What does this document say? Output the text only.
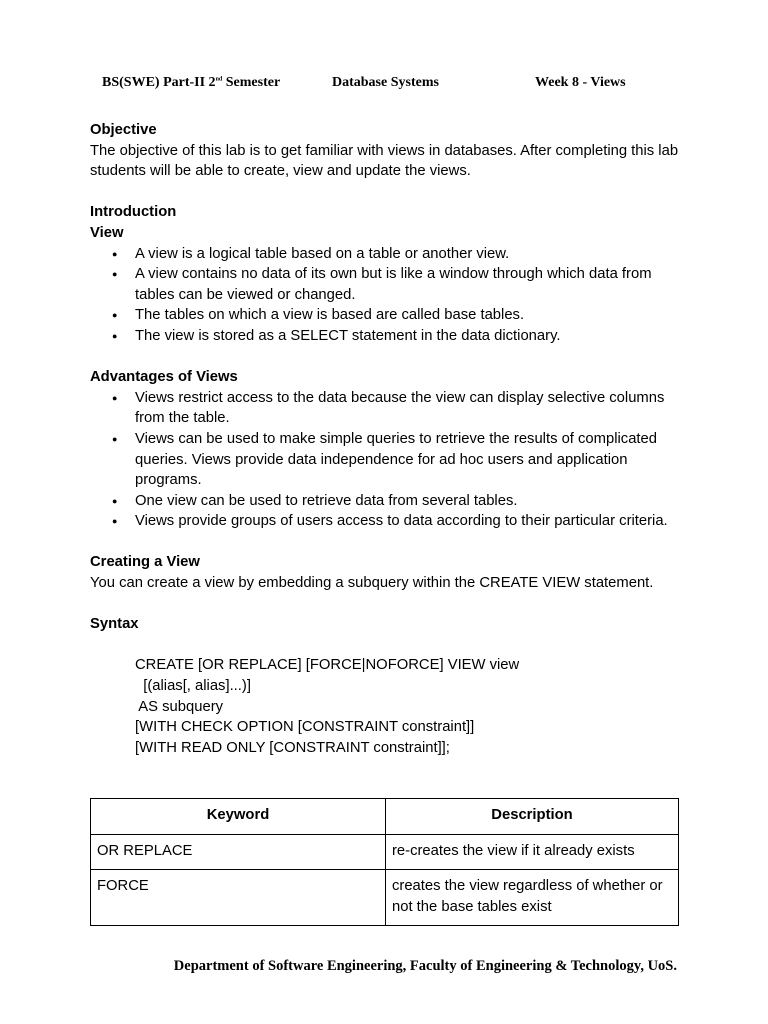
BS(SWE) Part-II 2nd Semester	Database Systems	Week 8 - Views

Objective

The objective of this lab is to get familiar with views in databases. After completing this lab students will be able to create, view and update the views.

Introduction

View

● A view is a logical table based on a table or another view.
● A view contains no data of its own but is like a window through which data from tables can be viewed or changed.
● The tables on which a view is based are called base tables.
● The view is stored as a SELECT statement in the data dictionary.

Advantages of Views

● Views restrict access to the data because the view can display selective columns from the table.
● Views can be used to make simple queries to retrieve the results of complicated queries. Views provide data independence for ad hoc users and application programs.
● One view can be used to retrieve data from several tables.
● Views provide groups of users access to data according to their particular criteria.

Creating a View

You can create a view by embedding a subquery within the CREATE VIEW statement.

Syntax

CREATE [OR REPLACE] [FORCE|NOFORCE] VIEW view
[(alias[, alias]...)]
AS subquery
[WITH CHECK OPTION [CONSTRAINT constraint]]
[WITH READ ONLY [CONSTRAINT constraint]];
Keyword	Description
OR REPLACE	re-creates the view if it already exists
FORCE	creates the view regardless of whether or not the base tables exist
Department of Software Engineering, Faculty of Engineering & Technology, UoS.
